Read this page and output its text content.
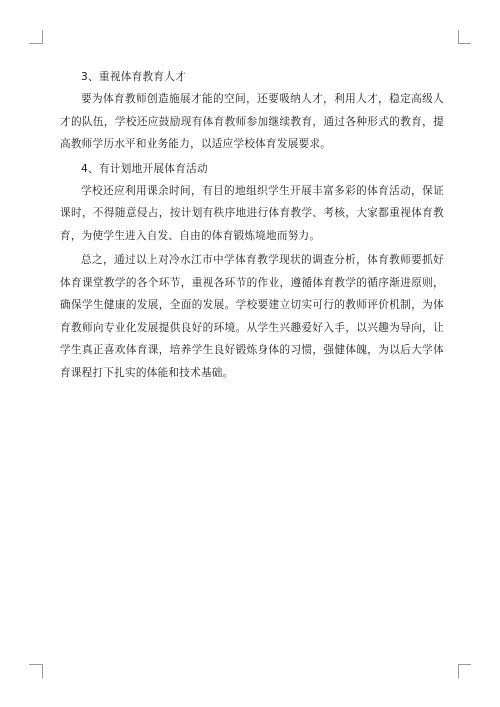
3、重视体育教育人才

要为体育教师创造施展才能的空间，还要吸纳人才，利用人才，稳定高级人才的队伍，学校还应鼓励现有体育教师参加继续教育，通过各种形式的教育，提高教师学历水平和业务能力，以适应学校体育发展要求。

4、有计划地开展体育活动

学校还应利用课余时间，有目的地组织学生开展丰富多彩的体育活动，保证课时，不得随意侵占，按计划有秩序地进行体育教学、考核，大家都重视体育教育，为使学生进入自发、自由的体育锻炼境地而努力。

总之，通过以上对冷水江市中学体育教学现状的调查分析，体育教师要抓好体育课堂教学的各个环节，重视各环节的作业，遵循体育教学的循序渐进原则，确保学生健康的发展，全面的发展。学校要建立切实可行的教师评价机制，为体育教师向专业化发展提供良好的环境。从学生兴趣爱好入手，以兴趣为导向，让学生真正喜欢体育课，培养学生良好锻炼身体的习惯，强健体魄，为以后大学体育课程打下扎实的体能和技术基础。
